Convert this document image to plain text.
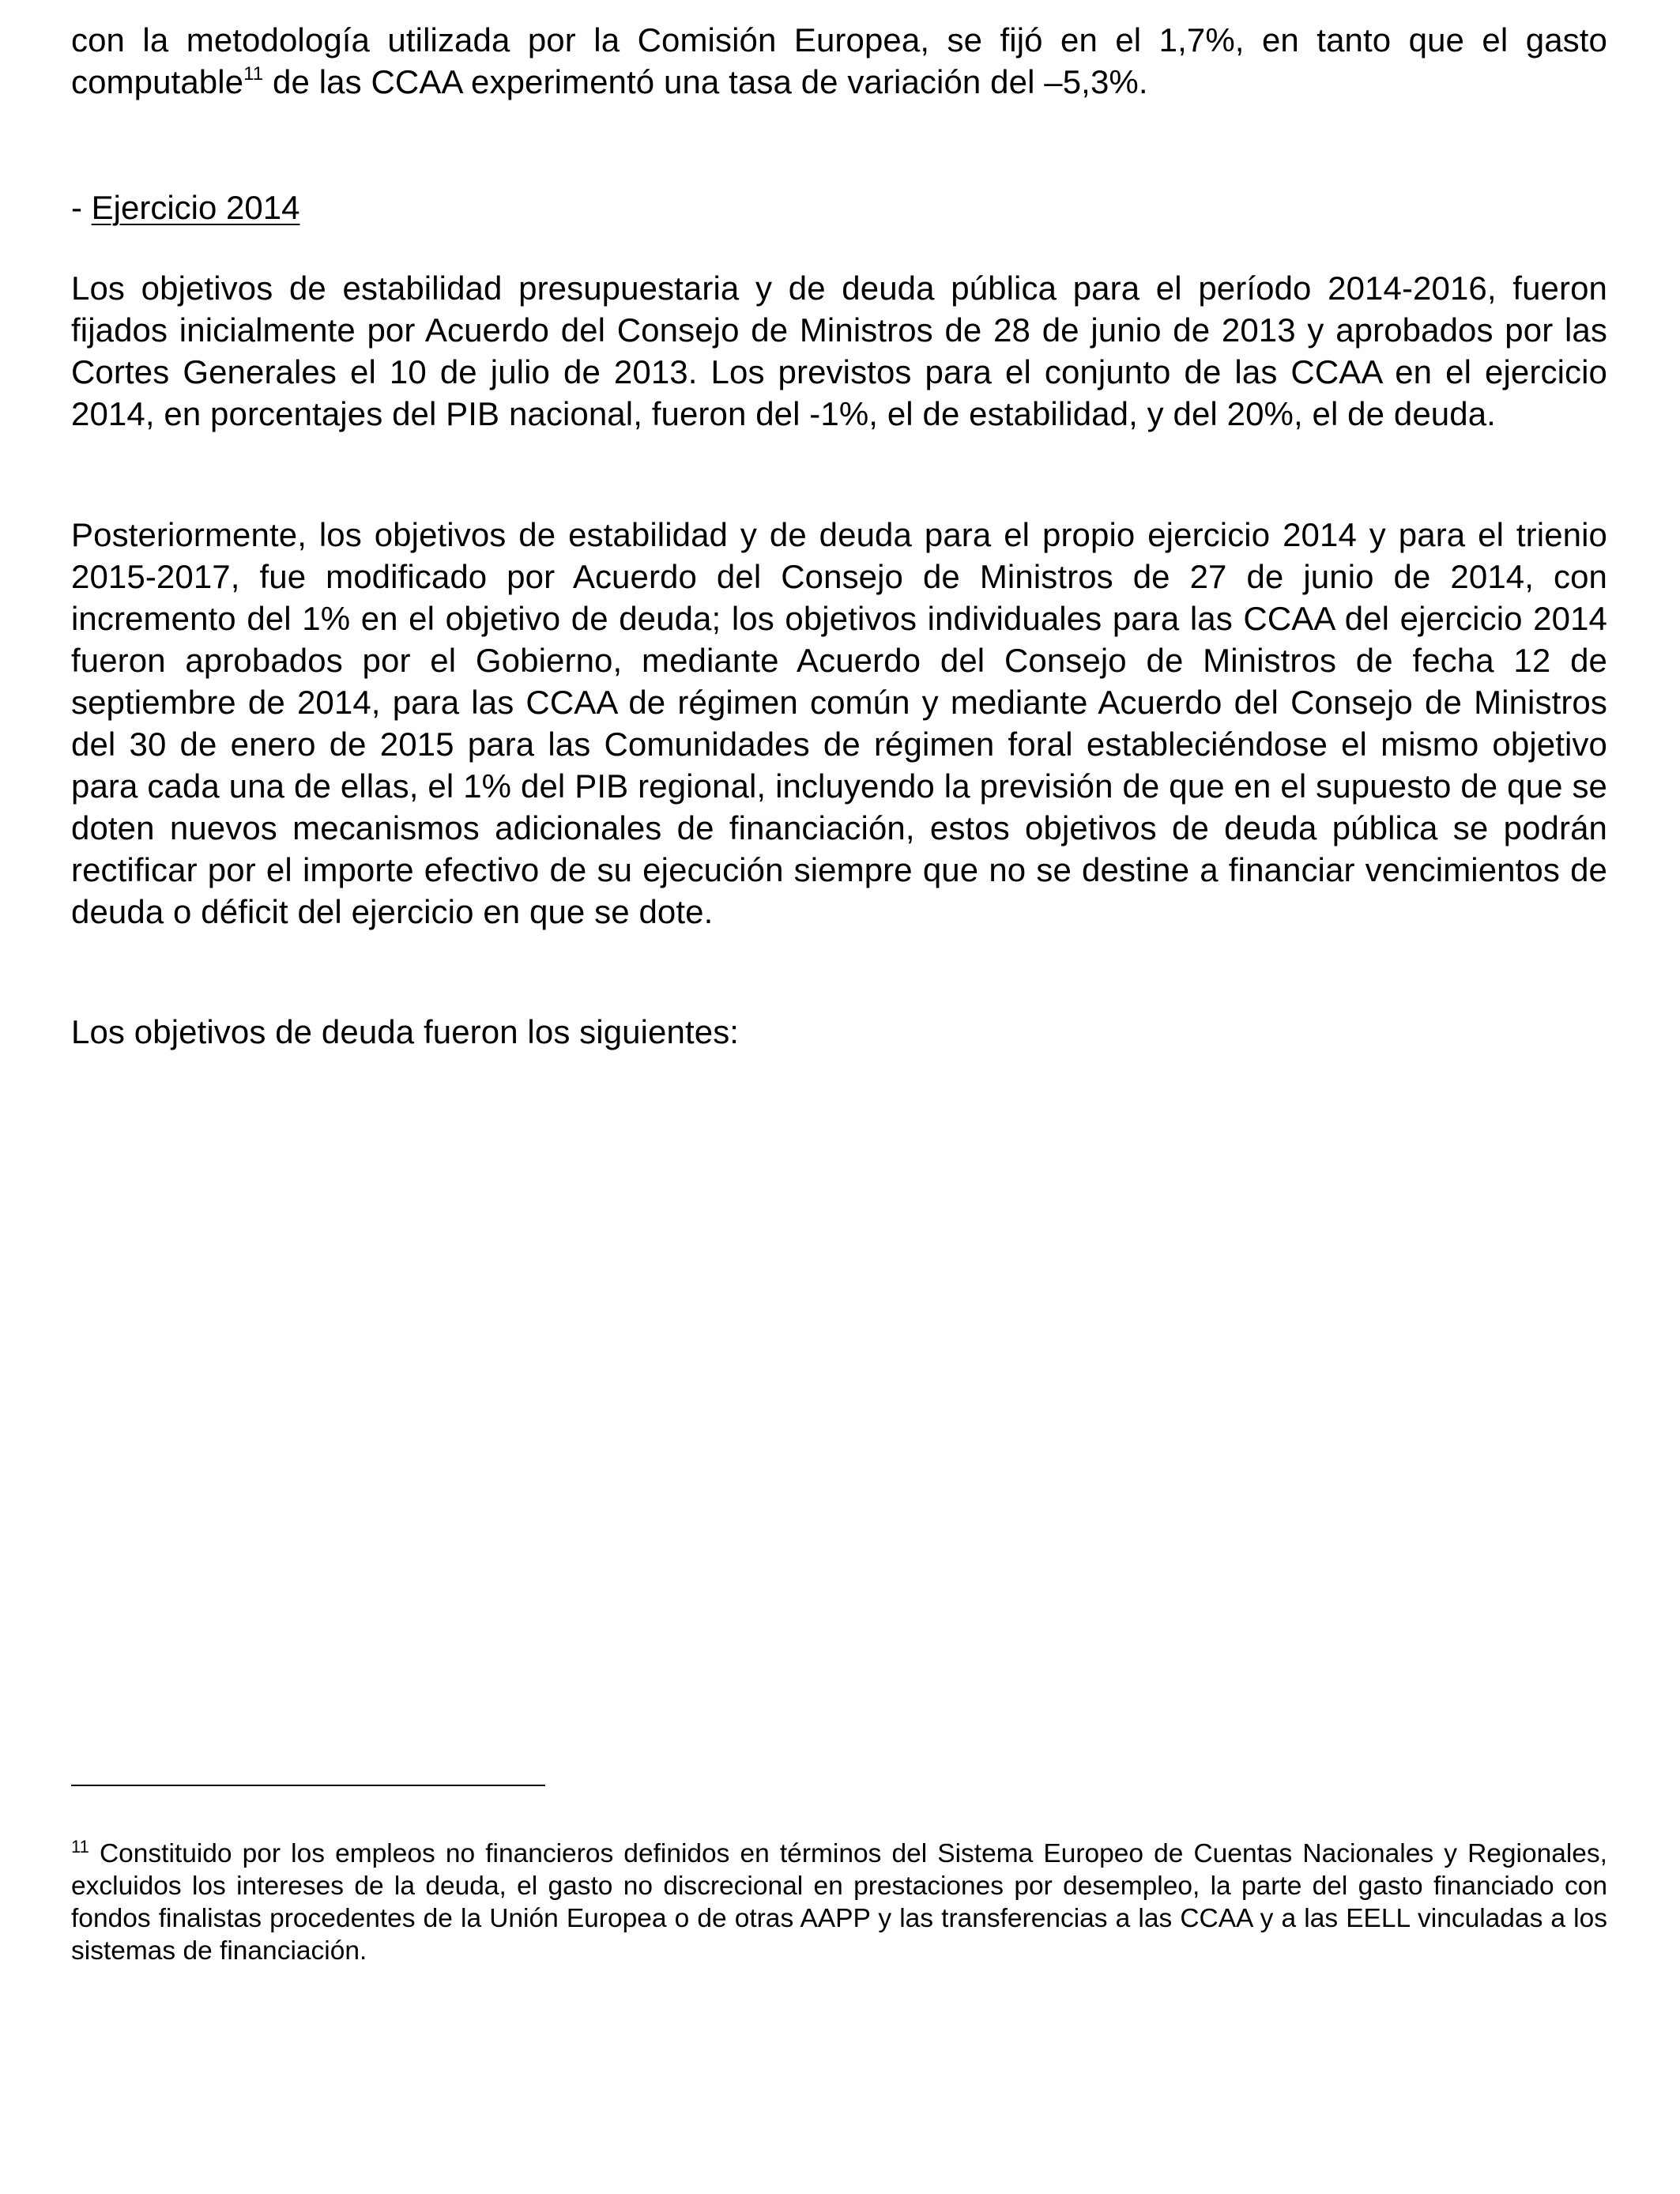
con la metodología utilizada por la Comisión Europea, se fijó en el 1,7%, en tanto que el gasto computable$^{11}$ de las CCAA experimentó una tasa de variación del –5,3%.

- Ejercicio 2014

Los objetivos de estabilidad presupuestaria y de deuda pública para el período 2014-2016, fueron fijados inicialmente por Acuerdo del Consejo de Ministros de 28 de junio de 2013 y aprobados por las Cortes Generales el 10 de julio de 2013. Los previstos para el conjunto de las CCAA en el ejercicio 2014, en porcentajes del PIB nacional, fueron del -1%, el de estabilidad, y del 20%, el de deuda.

Posteriormente, los objetivos de estabilidad y de deuda para el propio ejercicio 2014 y para el trienio 2015-2017, fue modificado por Acuerdo del Consejo de Ministros de 27 de junio de 2014, con incremento del 1% en el objetivo de deuda; los objetivos individuales para las CCAA del ejercicio 2014 fueron aprobados por el Gobierno, mediante Acuerdo del Consejo de Ministros de fecha 12 de septiembre de 2014, para las CCAA de régimen común y mediante Acuerdo del Consejo de Ministros del 30 de enero de 2015 para las Comunidades de régimen foral estableciéndose el mismo objetivo para cada una de ellas, el 1% del PIB regional, incluyendo la previsión de que en el supuesto de que se doten nuevos mecanismos adicionales de financiación, estos objetivos de deuda pública se podrán rectificar por el importe efectivo de su ejecución siempre que no se destine a financiar vencimientos de deuda o déficit del ejercicio en que se dote.

Los objetivos de deuda fueron los siguientes:

$^{11}$ Constituido por los empleos no financieros definidos en términos del Sistema Europeo de Cuentas Nacionales y Regionales, excluidos los intereses de la deuda, el gasto no discrecional en prestaciones por desempleo, la parte del gasto financiado con fondos finalistas procedentes de la Unión Europea o de otras AAPP y las transferencias a las CCAA y a las EELL vinculadas a los sistemas de financiación.
